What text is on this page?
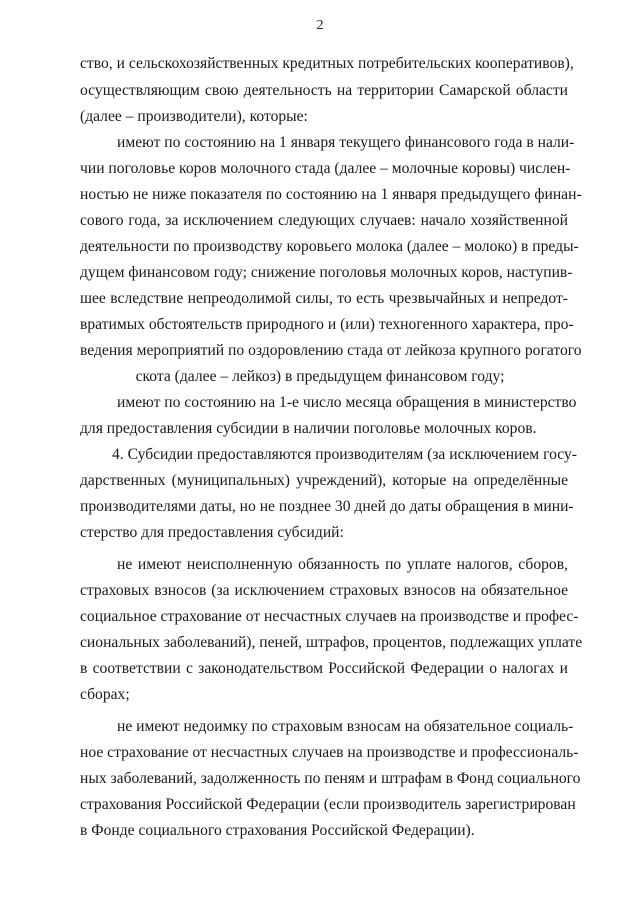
2
ство, и сельскохозяйственных кредитных потребительских кооперативов),
осуществляющим свою деятельность на территории Самарской области
(далее – производители), которые:
имеют по состоянию на 1 января текущего финансового года в нали-
чии поголовье коров молочного стада (далее – молочные коровы) числен-
ностью не ниже показателя по состоянию на 1 января предыдущего финан-
сового года, за исключением следующих случаев: начало хозяйственной
деятельности по производству коровьего молока (далее – молоко) в преды-
дущем финансовом году; снижение поголовья молочных коров, наступив-
шее вследствие непреодолимой силы, то есть чрезвычайных и непредот-
вратимых обстоятельств природного и (или) техногенного характера, про-
ведения мероприятий по оздоровлению стада от лейкоза крупного рогатого
скота (далее – лейкоз) в предыдущем финансовом году;
имеют по состоянию на 1-е число месяца обращения в министерство
для предоставления субсидии в наличии поголовье молочных коров.
4. Субсидии предоставляются производителям (за исключением госу-
дарственных (муниципальных) учреждений), которые на определённые
производителями даты, но не позднее 30 дней до даты обращения в мини-
стерство для предоставления субсидий:
не имеют неисполненную обязанность по уплате налогов, сборов,
страховых взносов (за исключением страховых взносов на обязательное
социальное страхование от несчастных случаев на производстве и профес-
сиональных заболеваний), пеней, штрафов, процентов, подлежащих уплате
в соответствии с законодательством Российской Федерации о налогах и
сборах;
не имеют недоимку по страховым взносам на обязательное социаль-
ное страхование от несчастных случаев на производстве и профессиональ-
ных заболеваний, задолженность по пеням и штрафам в Фонд социального
страхования Российской Федерации (если производитель зарегистрирован
в Фонде социального страхования Российской Федерации).
